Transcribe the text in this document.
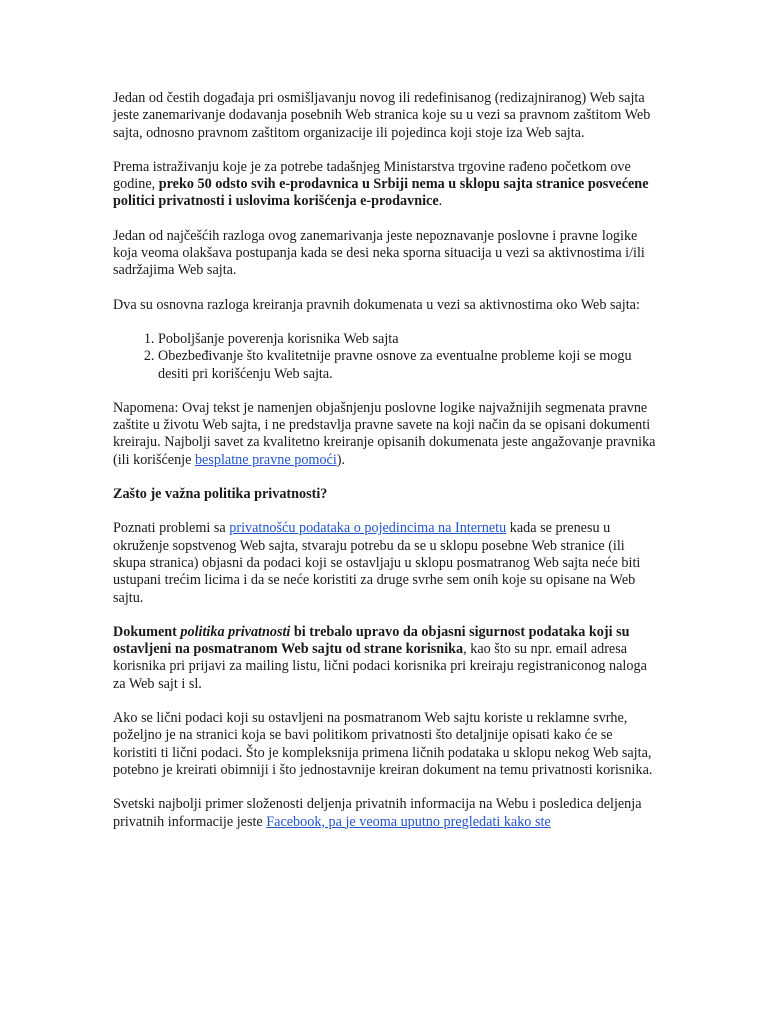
Jedan od čestih događaja pri osmišljavanju novog ili redefinisanog (redizajniranog) Web sajta jeste zanemarivanje dodavanja posebnih Web stranica koje su u vezi sa pravnom zaštitom Web sajta, odnosno pravnom zaštitom organizacije ili pojedinca koji stoje iza Web sajta.

Prema istraživanju koje je za potrebe tadašnjeg Ministarstva trgovine rađeno početkom ove godine, preko 50 odsto svih e-prodavnica u Srbiji nema u sklopu sajta stranice posvećene politici privatnosti i uslovima korišćenja e-prodavnice.

Jedan od najčešćih razloga ovog zanemarivanja jeste nepoznavanje poslovne i pravne logike koja veoma olakšava postupanja kada se desi neka sporna situacija u vezi sa aktivnostima i/ili sadržajima Web sajta.

Dva su osnovna razloga kreiranja pravnih dokumenata u vezi sa aktivnostima oko Web sajta:

1. Poboljšanje poverenja korisnika Web sajta
2. Obezbeđivanje što kvalitetnije pravne osnove za eventualne probleme koji se mogu desiti pri korišćenju Web sajta.

Napomena: Ovaj tekst je namenjen objašnjenju poslovne logike najvažnijih segmenata pravne zaštite u životu Web sajta, i ne predstavlja pravne savete na koji način da se opisani dokumenti kreiraju. Najbolji savet za kvalitetno kreiranje opisanih dokumenata jeste angažovanje pravnika (ili korišćenje besplatne pravne pomoći).

Zašto je važna politika privatnosti?

Poznati problemi sa privatnošću podataka o pojedincima na Internetu kada se prenesu u okruženje sopstvenog Web sajta, stvaraju potrebu da se u sklopu posebne Web stranice (ili skupa stranica) objasni da podaci koji se ostavljaju u sklopu posmatranog Web sajta neće biti ustupani trećim licima i da se neće koristiti za druge svrhe sem onih koje su opisane na Web sajtu.

Dokument politika privatnosti bi trebalo upravo da objasni sigurnost podataka koji su ostavljeni na posmatranom Web sajtu od strane korisnika, kao što su npr. email adresa korisnika pri prijavi za mailing listu, lični podaci korisnika pri kreiraju registraniconog naloga za Web sajt i sl.

Ako se lični podaci koji su ostavljeni na posmatranom Web sajtu koriste u reklamne svrhe, poželjno je na stranici koja se bavi politikom privatnosti što detaljnije opisati kako će se koristiti ti lični podaci. Što je kompleksnija primena ličnih podataka u sklopu nekog Web sajta, potebno je kreirati obimniji i što jednostavnije kreiran dokument na temu privatnosti korisnika.

Svetski najbolji primer složenosti deljenja privatnih informacija na Webu i posledica deljenja privatnih informacije jeste Facebook, pa je veoma uputno pregledati kako ste
